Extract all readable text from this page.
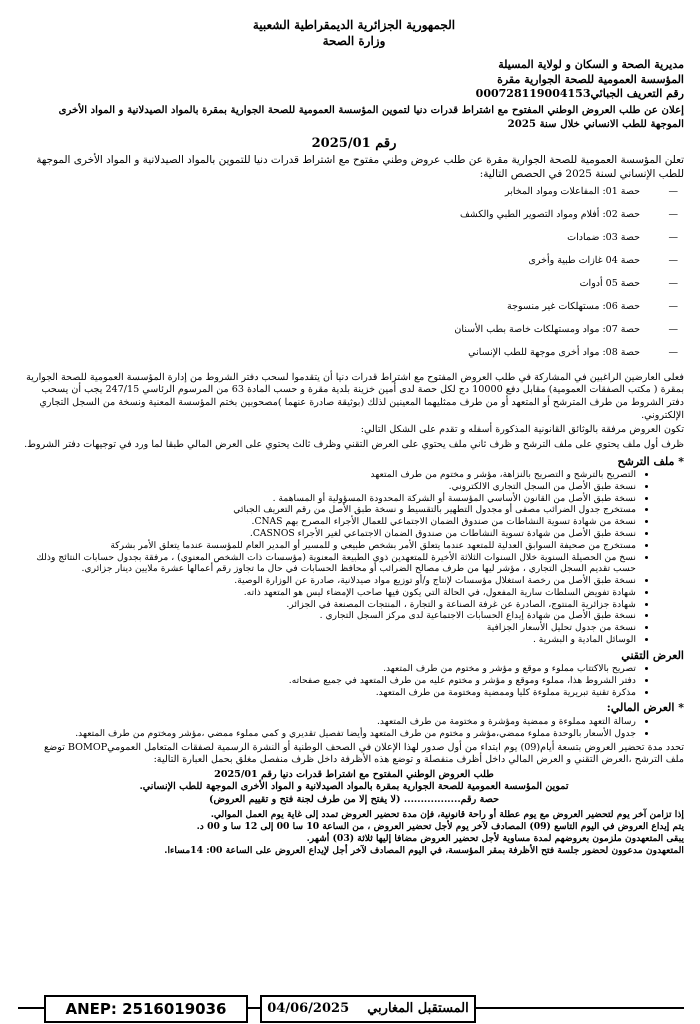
الجمهورية الجزائرية الديمقراطية الشعبية
وزارة الصحة
مديرية الصحة و السكان و لولاية المسيلة
المؤسسة العمومية للصحة الجوارية مقرة
رقم التعريف الجبائي000728119004153
إعلان عن طلب العروض الوطني المفتوح مع اشتراط قدرات دنيا لتموين المؤسسة العمومية للصحة الجوارية بمقرة بالمواد الصيدلانية و المواد الأخرى الموجهة للطب الانساني خلال سنة 2025
رقم 2025/01

تعلن المؤسسة العمومية للصحة الجوارية مقرة عن طلب عروض وطني مفتوح مع اشتراط قدرات دنيا للتموين بالمواد الصيدلانية و المواد الأخرى الموجهة للطب الإنساني لسنة 2025 في الحصص التالية:

— حصة 01: المفاعلات ومواد المخابر
— حصة 02: أفلام ومواد التصوير الطبي والكشف
— حصة 03: ضمادات
— حصة 04 غازات طبية وأخرى
— حصة 05 أدوات
— حصة 06: مستهلكات غير منسوجة
— حصة 07: مواد ومستهلكات خاصة بطب الأسنان
— حصة 08: مواد أخرى موجهة للطب الإنساني

فعلى العارضين الراغبين في المشاركة في طلب العروض المفتوح مع اشتراط قدرات دنيا أن يتقدموا لسحب دفتر الشروط من إدارة المؤسسة العمومية للصحة الجوارية بمقرة ( مكتب الصفقات العمومية) مقابل دفع 10000 دج لكل حصة لدى أمين خزينة بلدية مقرة و حسب المادة 63 من المرسوم الرئاسي 247/15 يجب أن يسحب دفتر الشروط من طرف المترشح أو المتعهد أو من طرف ممثليهما المعينين لذلك (بوثيقة صادرة عنهما )مصحوبين بختم المؤسسة المعنية ونسخة من السجل التجاري الإلكتروني.

تكون العروض مرفقة بالوثائق القانونية المذكورة أسفله و تقدم على الشكل التالي:

ظرف أول ملف يحتوي على ملف الترشح و ظرف ثاني ملف يحتوي على العرض التقني وظرف ثالث يحتوي على العرض المالي طبقا لما ورد في توجيهات دفتر الشروط.

* ملف الترشح
• التصريح بالترشح و التصريح بالنزاهة، مؤشر و مختوم من طرف المتعهد
• نسخة طبق الأصل من السجل التجاري الالكتروني.
• نسخة طبق الأصل من القانون الأساسي المؤسسة أو الشركة المحدودة المسؤولية أو المساهمة .
• مستخرج جدول الضرائب مصفى أو مجدول التطهير بالتقسيط و نسخة طبق الأصل من رقم التعريف الجبائي
• نسخة من شهادة تسوية النشاطات من صندوق الضمان الاجتماعي للعمال الأجراء المصرح بهم CNAS.
• نسخة طبق الأصل من شهادة تسوية النشاطات من صندوق الضمان الاجتماعي لغير الأجراء CASNOS.
• مستخرج من صحيفة السوابق العدلية للمتعهد عندما يتعلق الأمر بشخص طبيعي و للمسير أو المدير العام للمؤسسة عندما يتعلق الأمر بشركة
• نسخ من الحصيلة السنوية خلال السنوات الثلاثة الأخيرة للمتعهدين ذوي الطبيعة المعنوية (مؤسسات ذات الشخص المعنوي) ، مرفقة بجدول حسابات النتائج وذلك حسب تقديم السجل التجاري ، مؤشر ليها من طرف مصالح الضرائب أو محافظ الحسابات في حال ما تجاوز رقم أعمالها عشرة ملايين دينار جزائري.
• نسخة طبق الأصل من رخصة استغلال مؤسسات لإنتاج و/أو توزيع مواد صيدلانية، صادرة عن الوزارة الوصية.
• شهادة تفويض السلطات سارية المفعول، في الحالة التي يكون فيها صاحب الإمضاء ليس هو المتعهد ذاته.
• شهادة جزائرية المنتوج، الصادرة عن غرفة الصناعة و التجارة ، المنتجات المصنعة في الجزائر.
• نسخة طبق الأصل من شهادة إيداع الحسابات الاجتماعية لدى مركز السجل التجاري .
• نسخة من جدول تحليل الأسعار الجزافية
• الوسائل المادية و البشرية .
العرض التقني
• تصريح بالاكتتاب مملوء و موقع و مؤشر و مختوم من طرف المتعهد.
• دفتر الشروط هذا، مملوء وموقع و مؤشر و مختوم عليه من طرف المتعهد في جميع صفحاته.
• مذكرة تقنية تبريرية مملوءة كليا وممضية ومختومة من طرف المتعهد.
* العرض المالي:
• رسالة التعهد مملوءة و ممضية ومؤشرة و مختومة من طرف المتعهد.
• جدول الأسعار بالوحدة مملوء ممضي،مؤشر و مختوم من طرف المتعهد وأيضا تفصيل تقديري و كمي مملوء ممضي ،مؤشر ومختوم من طرف المتعهد.

تحدد مدة تحضير العروض بتسعة أيام(09) يوم ابتداء من أول صدور لهذا الإعلان في الصحف الوطنية أو النشرة الرسمية لصفقات المتعامل العموميBOMOP توضع ملف الترشح ،العرض التقني و العرض المالي داخل أظرف منفصلة و توضع هذه الأظرفة داخل ظرف منفصل مغلق بحمل العبارة التالية:

طلب العروض الوطني المفتوح مع اشتراط قدرات دنيا رقم 2025/01
تموين المؤسسة العمومية للصحة الجوارية بمقرة بالمواد الصيدلانية و المواد الأخرى الموجهة للطب الإنساني.
حصة رقم................. (لا يفتح إلا من طرف لجنة فتح و تقييم العروض)
إذا تزامن آخر يوم لتحضير العروض مع يوم عطلة أو راحة قانونية، فإن مدة تحضير العروض تمدد إلى غاية يوم العمل الموالي.
يتم إيداع العروض في اليوم التاسع (09) المصادف لآخر يوم لأجل تحضير العروض ، من الساعة 10 سا 00 إلى 12 سا و 00 د.
يبقى المتعهدون ملزمون بعروضهم لمدة مساوية لأجل تحضير العروض مضافا إليها ثلاثة (03) أشهر.
المتعهدون مدعوون لحضور جلسة فتح الأظرفة بمقر المؤسسة، في اليوم المصادف لآخر أجل لإيداع العروض على الساعة 00: 14مساءا.
ANEP: 2516019036	المستقبل المغاربي    04/06/2025
